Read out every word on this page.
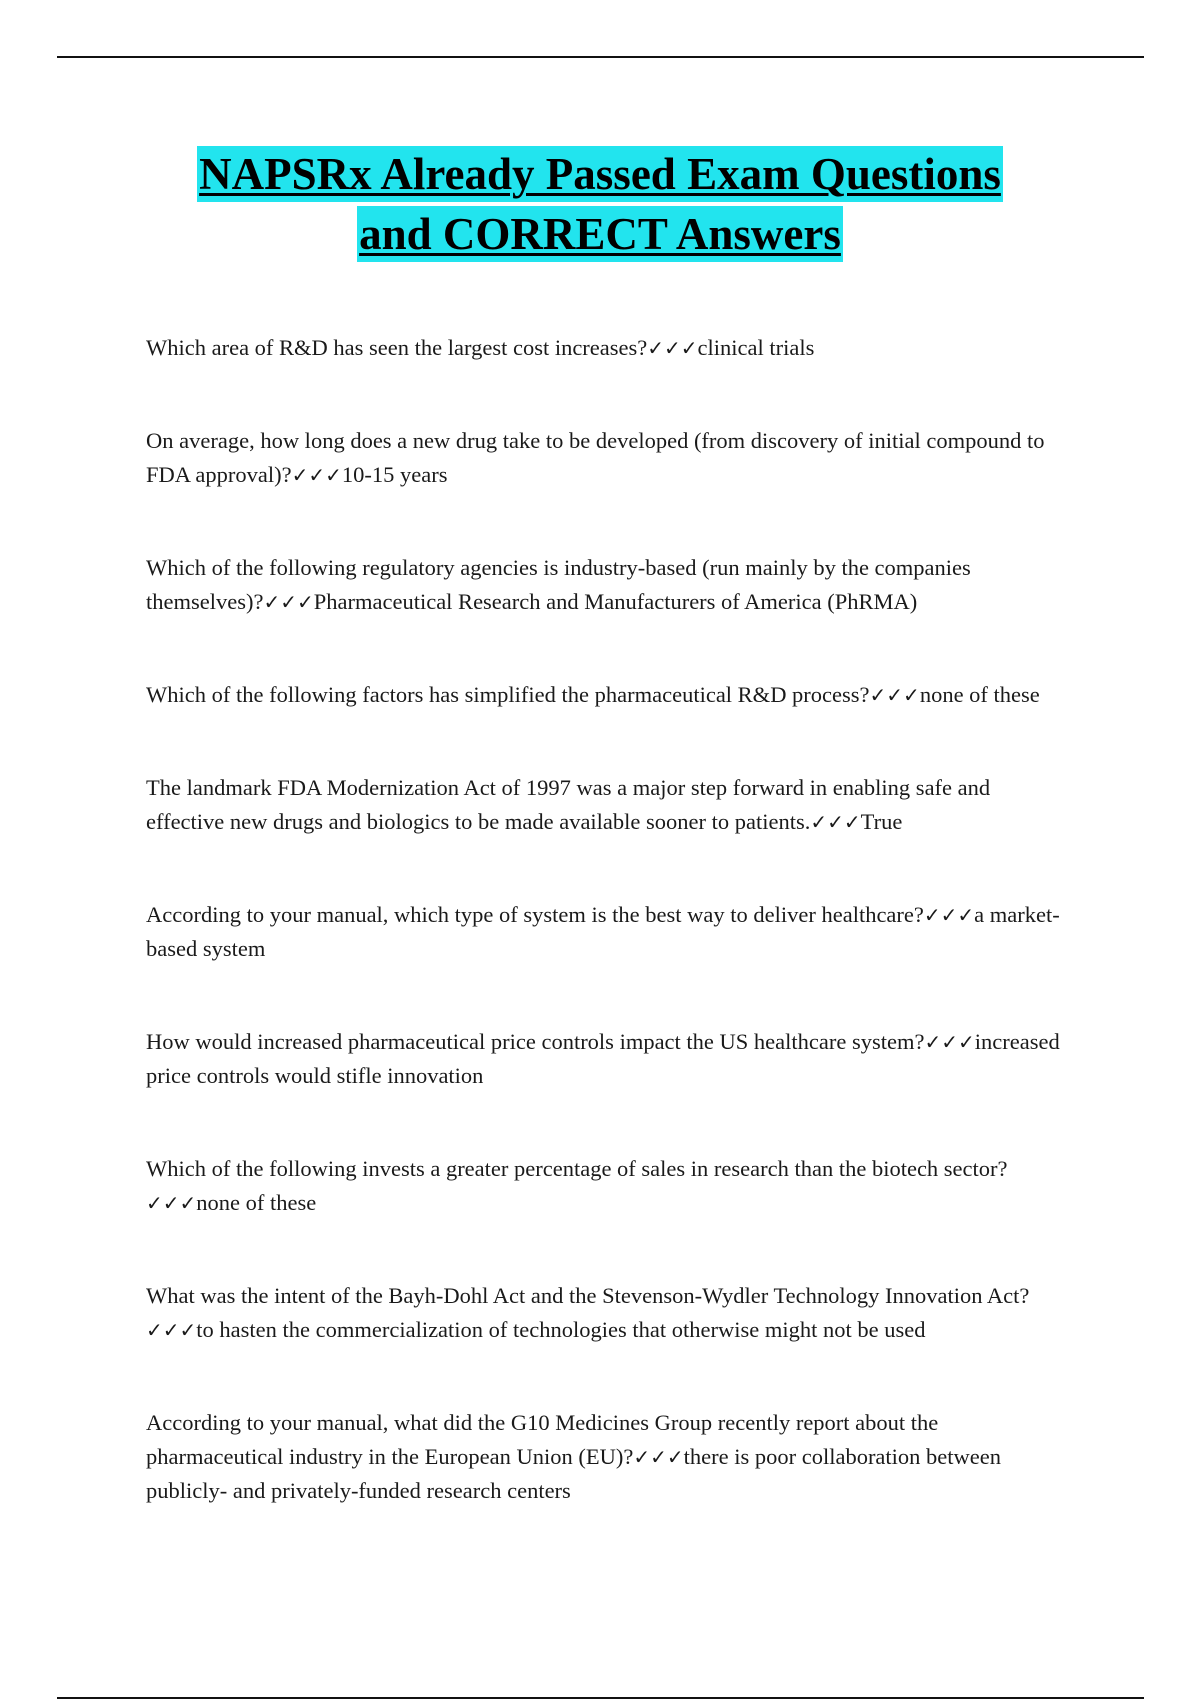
NAPSRx Already Passed Exam Questions
and CORRECT Answers
Which area of R&D has seen the largest cost increases?✓✓✓clinical trials
On average, how long does a new drug take to be developed (from discovery of initial compound to FDA approval)?✓✓✓10-15 years
Which of the following regulatory agencies is industry-based (run mainly by the companies themselves)?✓✓✓Pharmaceutical Research and Manufacturers of America (PhRMA)
Which of the following factors has simplified the pharmaceutical R&D process?✓✓✓none of these
The landmark FDA Modernization Act of 1997 was a major step forward in enabling safe and effective new drugs and biologics to be made available sooner to patients.✓✓✓True
According to your manual, which type of system is the best way to deliver healthcare?✓✓✓a market-based system
How would increased pharmaceutical price controls impact the US healthcare system?✓✓✓increased price controls would stifle innovation
Which of the following invests a greater percentage of sales in research than the biotech sector?✓✓✓none of these
What was the intent of the Bayh-Dohl Act and the Stevenson-Wydler Technology Innovation Act?✓✓✓to hasten the commercialization of technologies that otherwise might not be used
According to your manual, what did the G10 Medicines Group recently report about the pharmaceutical industry in the European Union (EU)?✓✓✓there is poor collaboration between publicly- and privately-funded research centers
